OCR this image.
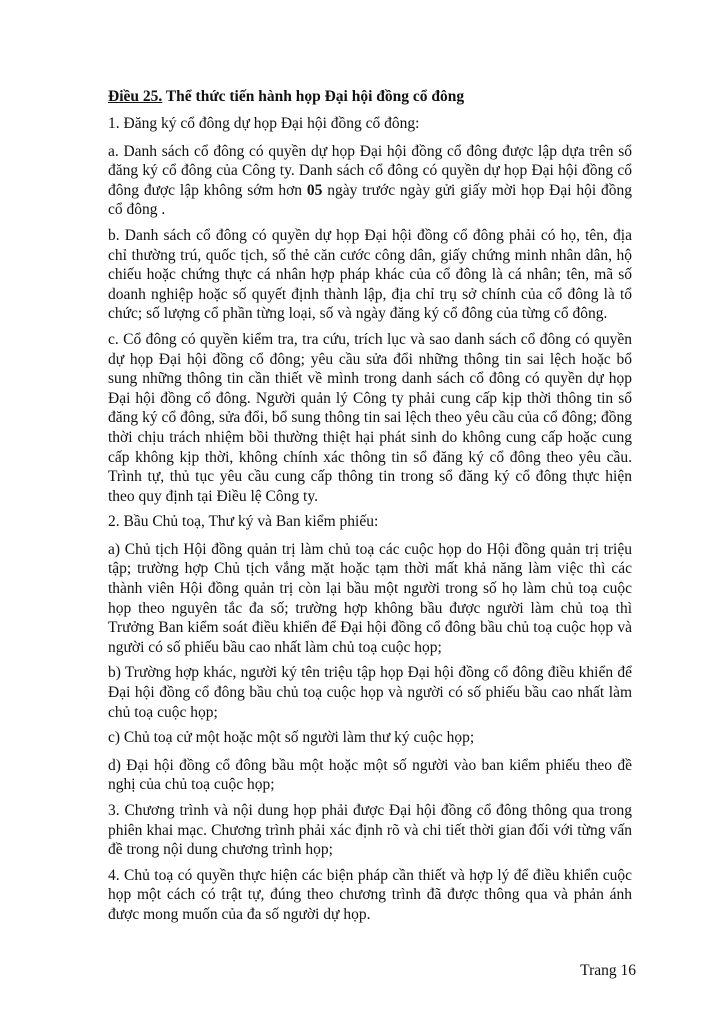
Điều 25. Thể thức tiến hành họp Đại hội đồng cổ đông

1. Đăng ký cổ đông dự họp Đại hội đồng cổ đông:

a. Danh sách cổ đông có quyền dự họp Đại hội đồng cổ đông được lập dựa trên sổ đăng ký cổ đông của Công ty. Danh sách cổ đông có quyền dự họp Đại hội đồng cổ đông được lập không sớm hơn 05 ngày trước ngày gửi giấy mời họp Đại hội đồng cổ đông .

b. Danh sách cổ đông có quyền dự họp Đại hội đồng cổ đông phải có họ, tên, địa chỉ thường trú, quốc tịch, số thẻ căn cước công dân, giấy chứng minh nhân dân, hộ chiếu hoặc chứng thực cá nhân hợp pháp khác của cổ đông là cá nhân; tên, mã số doanh nghiệp hoặc số quyết định thành lập, địa chỉ trụ sở chính của cổ đông là tổ chức; số lượng cổ phần từng loại, số và ngày đăng ký cổ đông của từng cổ đông.

c. Cổ đông có quyền kiểm tra, tra cứu, trích lục và sao danh sách cổ đông có quyền dự họp Đại hội đồng cổ đông; yêu cầu sửa đổi những thông tin sai lệch hoặc bổ sung những thông tin cần thiết về mình trong danh sách cổ đông có quyền dự họp Đại hội đồng cổ đông. Người quản lý Công ty phải cung cấp kịp thời thông tin sổ đăng ký cổ đông, sửa đổi, bổ sung thông tin sai lệch theo yêu cầu của cổ đông; đồng thời chịu trách nhiệm bồi thường thiệt hại phát sinh do không cung cấp hoặc cung cấp không kịp thời, không chính xác thông tin sổ đăng ký cổ đông theo yêu cầu. Trình tự, thủ tục yêu cầu cung cấp thông tin trong sổ đăng ký cổ đông thực hiện theo quy định tại Điều lệ Công ty.

2. Bầu Chủ toạ, Thư ký và Ban kiểm phiếu:

a) Chủ tịch Hội đồng quản trị làm chủ toạ các cuộc họp do Hội đồng quản trị triệu tập; trường hợp Chủ tịch vắng mặt hoặc tạm thời mất khả năng làm việc thì các thành viên Hội đồng quản trị còn lại bầu một người trong số họ làm chủ toạ cuộc họp theo nguyên tắc đa số; trường hợp không bầu được người làm chủ toạ thì Trưởng Ban kiểm soát điều khiển để Đại hội đồng cổ đông bầu chủ toạ cuộc họp và người có số phiếu bầu cao nhất làm chủ toạ cuộc họp;

b) Trường hợp khác, người ký tên triệu tập họp Đại hội đồng cổ đông điều khiển để Đại hội đồng cổ đông bầu chủ toạ cuộc họp và người có số phiếu bầu cao nhất làm chủ toạ cuộc họp;

c) Chủ toạ cử một hoặc một số người làm thư ký cuộc họp;

d) Đại hội đồng cổ đông bầu một hoặc một số người vào ban kiểm phiếu theo đề nghị của chủ toạ cuộc họp;

3. Chương trình và nội dung họp phải được Đại hội đồng cổ đông thông qua trong phiên khai mạc. Chương trình phải xác định rõ và chi tiết thời gian đối với từng vấn đề trong nội dung chương trình họp;

4. Chủ toạ có quyền thực hiện các biện pháp cần thiết và hợp lý để điều khiển cuộc họp một cách có trật tự, đúng theo chương trình đã được thông qua và phản ánh được mong muốn của đa số người dự họp.

Trang 16
